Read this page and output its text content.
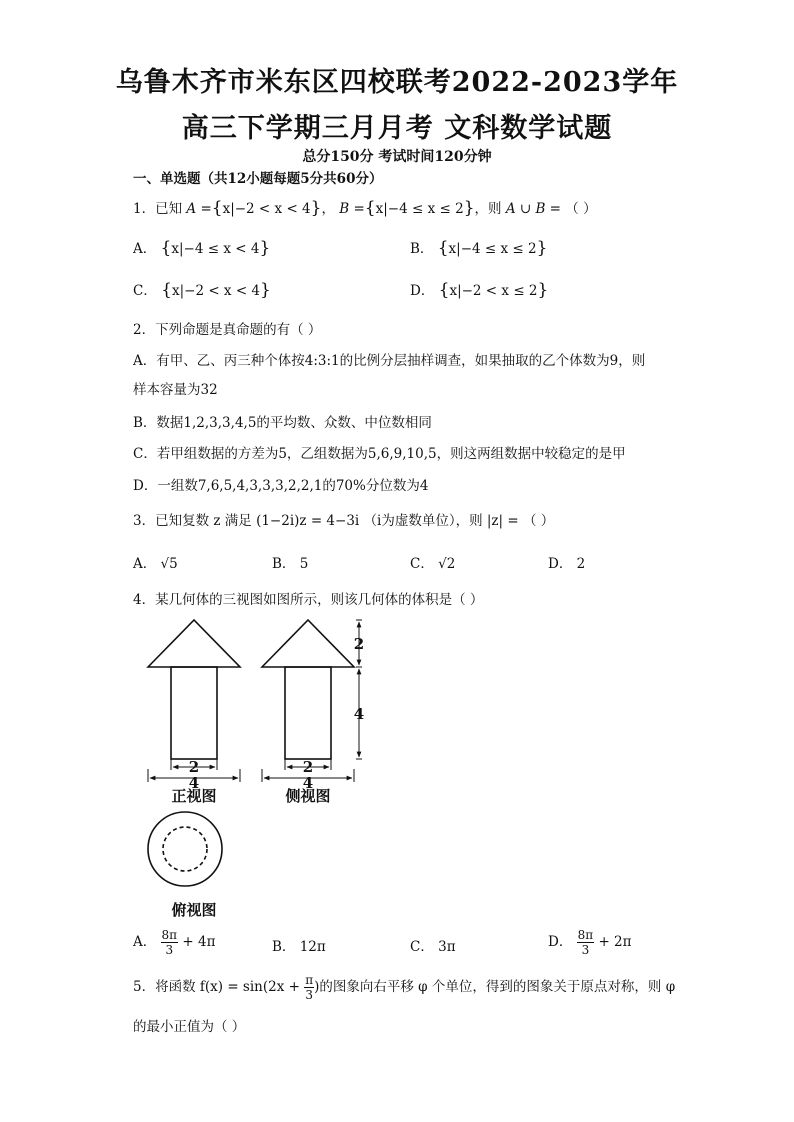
乌鲁木齐市米东区四校联考2022-2023学年
高三下学期三月月考 文科数学试题
总分150分 考试时间120分钟
一、单选题（共12小题每题5分共60分）
1．已知 A ={x|−2 < x < 4}， B ={x|−4 ≤ x ≤ 2}，则 A ∪ B = （ ）
A． {x|−4 ≤ x < 4}	B． {x|−4 ≤ x ≤ 2}
C． {x|−2 < x < 4}	D． {x|−2 < x ≤ 2}
2．下列命题是真命题的有（ ）
A．有甲、乙、丙三种个体按4:3:1的比例分层抽样调查，如果抽取的乙个体数为9，则
样本容量为32
B．数据1,2,3,3,4,5的平均数、众数、中位数相同
C．若甲组数据的方差为5，乙组数据为5,6,9,10,5，则这两组数据中较稳定的是甲
D．一组数7,6,5,4,3,3,3,2,2,1的70%分位数为4
3．已知复数 z 满足 (1−2i)z = 4−3i （i为虚数单位），则 |z| = （ ）
A． √5	B． 5	C． √2	D． 2
4．某几何体的三视图如图所示，则该几何体的体积是（ ）
2
4
2
4
2
4
正视图	侧视图
俯视图
A． $\frac{8\pi}{3} + 4\pi$	B． 12π	C． 3π	D． $\frac{8\pi}{3} + 2\pi$
5．将函数 $f(x) = \sin(2x + \frac{\pi}{3}$ )的图象向右平移 φ 个单位，得到的图象关于原点对称，则 φ
的最小正值为（ ）
